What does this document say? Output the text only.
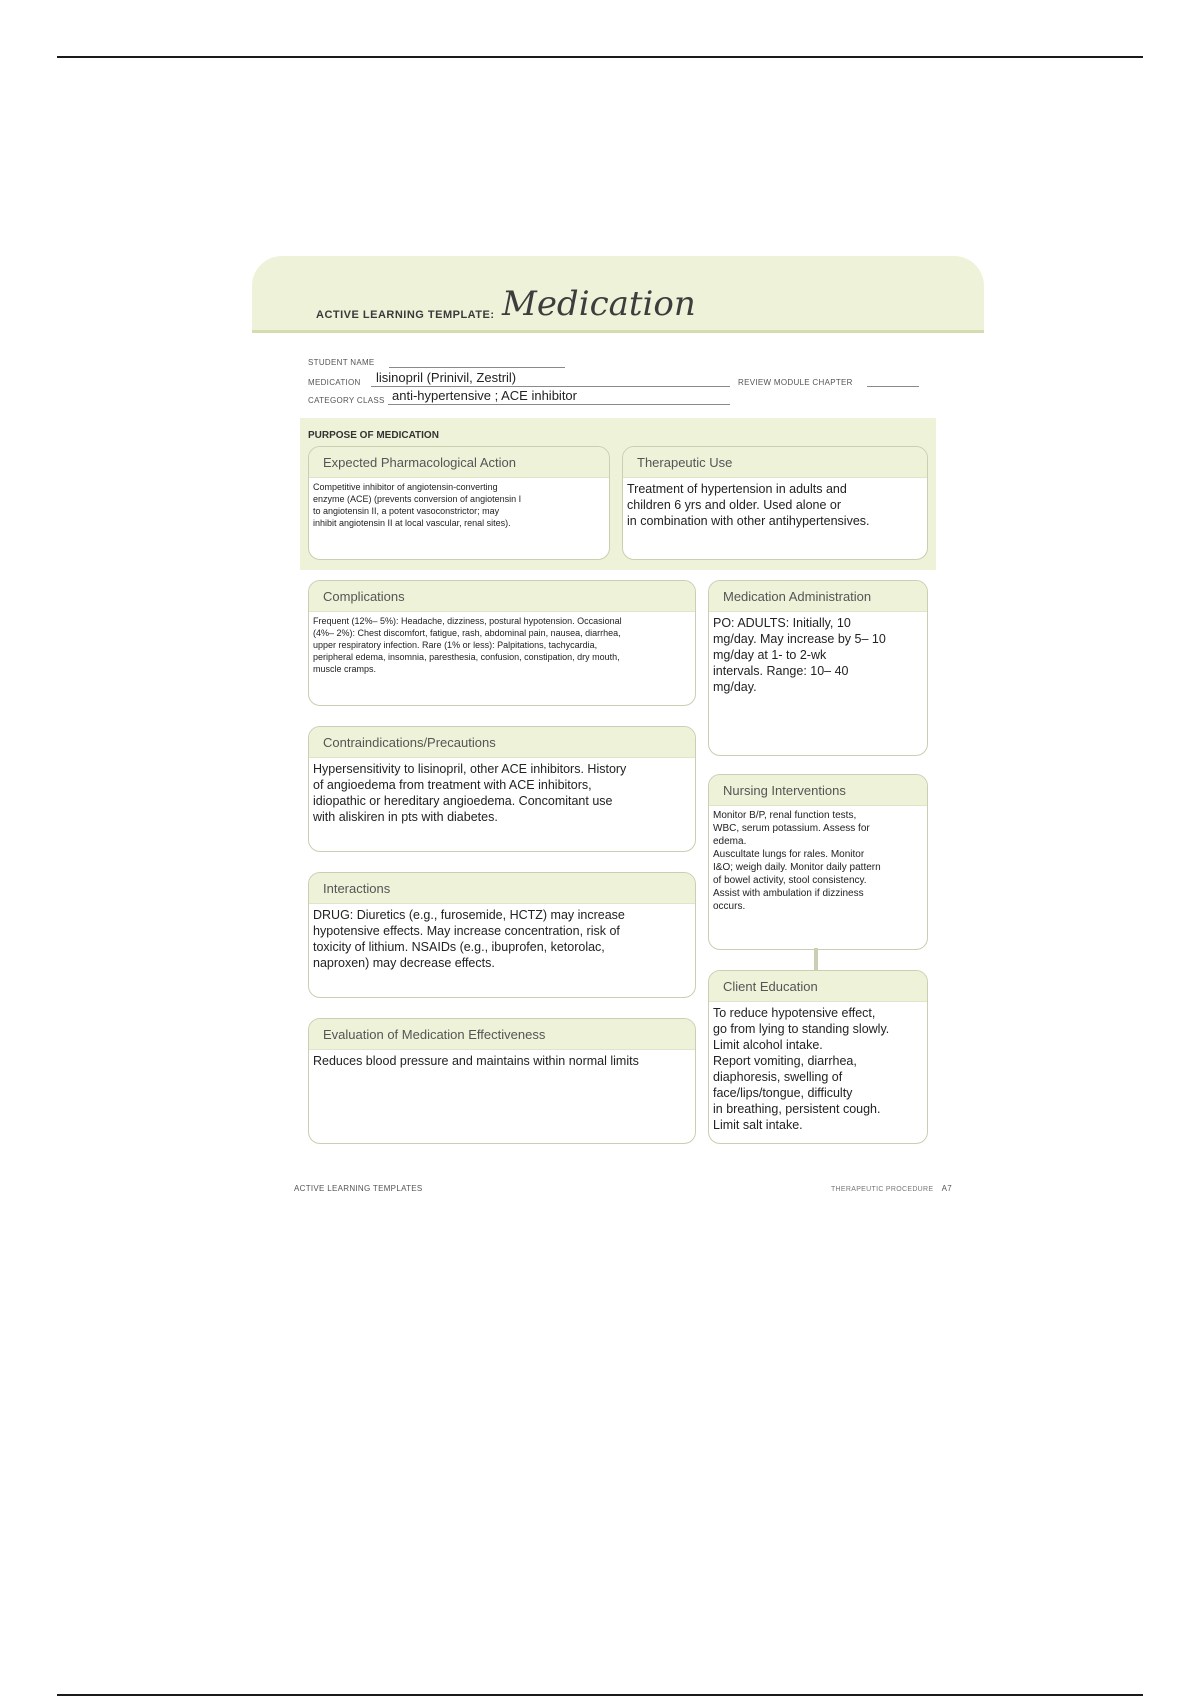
ACTIVE LEARNING TEMPLATE: Medication
STUDENT NAME
MEDICATION lisinopril (Prinivil, Zestril)
CATEGORY CLASS anti-hypertensive ; ACE inhibitor
REVIEW MODULE CHAPTER
PURPOSE OF MEDICATION
Expected Pharmacological Action
Competitive inhibitor of angiotensin-converting
enzyme (ACE) (prevents conversion of angiotensin I
to angiotensin II, a potent vasoconstrictor; may
inhibit angiotensin II at local vascular, renal sites).
Therapeutic Use
Treatment of hypertension in adults and
children 6 yrs and older. Used alone or
in combination with other antihypertensives.
Complications
Frequent (12%– 5%): Headache, dizziness, postural hypotension. Occasional
(4%– 2%): Chest discomfort, fatigue, rash, abdominal pain, nausea, diarrhea,
upper respiratory infection. Rare (1% or less): Palpitations, tachycardia,
peripheral edema, insomnia, paresthesia, confusion, constipation, dry mouth,
muscle cramps.
Contraindications/Precautions
Hypersensitivity to lisinopril, other ACE inhibitors. History
of angioedema from treatment with ACE inhibitors,
idiopathic or hereditary angioedema. Concomitant use
with aliskiren in pts with diabetes.
Interactions
DRUG: Diuretics (e.g., furosemide, HCTZ) may increase
hypotensive effects. May increase concentration, risk of
toxicity of lithium. NSAIDs (e.g., ibuprofen, ketorolac,
naproxen) may decrease effects.
Evaluation of Medication Effectiveness
Reduces blood pressure and maintains within normal limits
Medication Administration
PO: ADULTS: Initially, 10
mg/day. May increase by 5– 10
mg/day at 1- to 2-wk
intervals. Range: 10– 40
mg/day.
Nursing Interventions
Monitor B/P, renal function tests,
WBC, serum potassium. Assess for
edema.
Auscultate lungs for rales. Monitor
I&O; weigh daily. Monitor daily pattern
of bowel activity, stool consistency.
Assist with ambulation if dizziness
occurs.
Client Education
To reduce hypotensive effect,
go from lying to standing slowly.
Limit alcohol intake.
Report vomiting, diarrhea,
diaphoresis, swelling of
face/lips/tongue, difficulty
in breathing, persistent cough.
Limit salt intake.
ACTIVE LEARNING TEMPLATES	THERAPEUTIC PROCEDURE A7
